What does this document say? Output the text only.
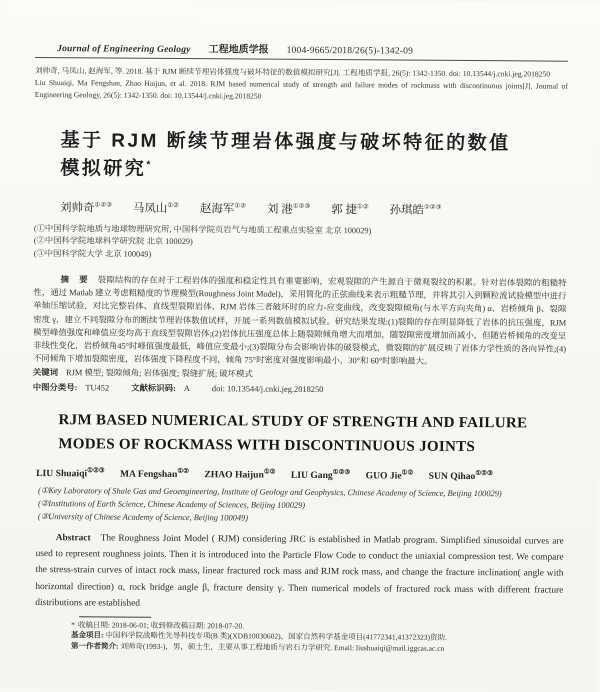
Journal of Engineering Geology 工程地质学报 1004-9665/2018/26(5)-1342-09

刘帅奇, 马凤山, 赵海军, 等. 2018. 基于 RJM 断续节理岩体强度与破坏特征的数值模拟研究[J]. 工程地质学报, 26(5): 1342-1350. doi: 10.13544/j.cnki.jeg.2018250

Liu Shuaiqi, Ma Fengshan, Zhao Haijun, et al. 2018. RJM based numerical study of strength and failure modes of rockmass with discontinuous joints[J]. Journal of Engineering Geology, 26(5): 1342-1350. doi: 10.13544/j.cnki.jeg.2018250

基于 RJM 断续节理岩体强度与破坏特征的数值模拟研究*
刘帅奇①②③ 马凤山①② 赵海军①② 刘 港①②③ 郭 捷①② 孙琪皓①②③

(①中国科学院地质与地球物理研究所, 中国科学院页岩气与地质工程重点实验室 北京 100029)

(②中国科学院地球科学研究院 北京 100029)

(③中国科学院大学 北京 100049)

摘 要 裂隙结构的存在对于工程岩体的强度和稳定性具有重要影响，宏观裂隙的产生源自于微观裂纹的积累。针对岩体裂隙的粗糙特性，通过 Matlab 建立考虑粗糙度的节理模型(Roughness Joint Model)，采用简化的正弦曲线来表示粗糙节理，并将其引入到颗粒流试验模型中进行单轴压缩试验，对比完整岩体、直线型裂隙岩体、RJM 岩体三者破坏时的应力-应变曲线，改变裂隙倾角(与水平方向夹角) α、岩桥倾角 β、裂隙密度 γ，建立不同裂隙分布的断续节理岩体数值试样，开展一系列数值模拟试验。研究结果发现:(1)裂隙的存在明显降低了岩体的抗压强度，RJM 模型峰值强度和峰值应变均高于直线型裂隙岩体;(2)岩体抗压强度总体上随裂隙倾角增大而增加，随裂隙密度增加而减小，但随岩桥倾角的改变呈非线性变化，岩桥倾角45°时峰值强度最低，峰值应变最小;(3)裂隙分布会影响岩体的破裂模式，微裂隙的扩展反映了岩体力学性质的各向异性;(4)不同倾角下增加裂隙密度，岩体强度下降程度不同，倾角 75°时密度对强度影响最小，30°和 60°时影响最大。

关键词 RJM 模型; 裂隙倾角; 岩体强度; 裂缝扩展; 破坏模式

中图分类号: TU452	文献标识码: A	doi: 10.13544/j.cnki.jeg.2018250

RJM BASED NUMERICAL STUDY OF STRENGTH AND FAILURE MODES OF ROCKMASS WITH DISCONTINUOUS JOINTS
LIU Shuaiqi①②③ MA Fengshan①② ZHAO Haijun①② LIU Gang①②③ GUO Jie①② SUN Qihao①②③

(①Key Laboratory of Shale Gas and Geoengineering, Institute of Geology and Geophysics, Chinese Academy of Science, Beijing 100029)

(②Institutions of Earth Science, Chinese Academy of Sciences, Beijing 100029)

(③University of Chinese Academy of Science, Beijing 100049)

Abstract The Roughness Joint Model ( RJM) considering JRC is established in Matlab program. Simplified sinusoidal curves are used to represent roughness joints. Then it is introduced into the Particle Flow Code to conduct the uniaxial compression test. We compare the stress-strain curves of intact rock mass, linear fractured rock mass and RJM rock mass, and change the fracture inclination( angle with horizontal direction) α, rock bridge angle β, fracture density γ. Then numerical models of fractured rock mass with different fracture distributions are established

* 收稿日期: 2018-06-01; 收到修改稿日期: 2018-07-20.

基金项目: 中国科学院战略性先导科技专项(B 类)(XDB10030602)，国家自然科学基金项目(41772341,41372323)资助.

第一作者简介: 刘帅奇(1993-)，男，硕士生，主要从事工程地质与岩石力学研究. Email: liushuaiqi@mail.iggcas.ac.cn
